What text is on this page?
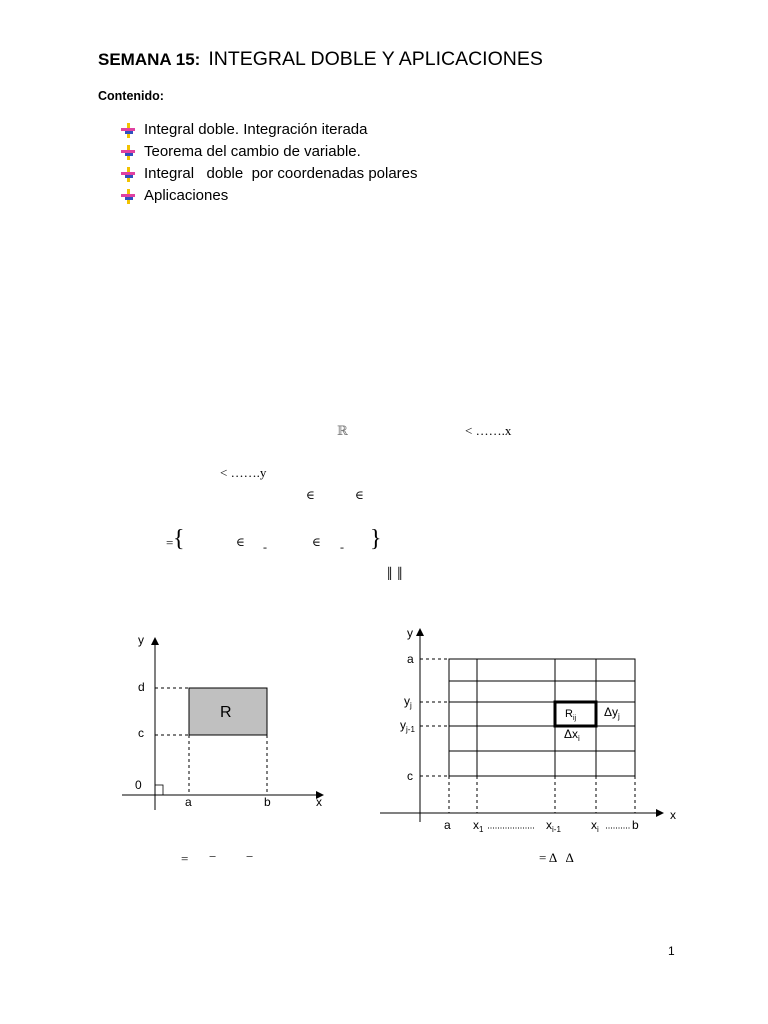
SEMANA 15: INTEGRAL DOBLE Y APLICACIONES
Contenido:
Integral doble. Integración iterada
Teorema del cambio de variable.
Integral   doble  por coordenadas polares
Aplicaciones
ℝ	< …….x
< …….y
∈	∈
= {	∈ -	∈ - }
‖ ‖
y
x
d
c
0
a	b
R
y
x
a
$y_j$
$y_{j-1}$
c
a $x_1$	$x_{i-1}$	$x_i$	b
$R_{ij}$ $\Delta y_j$
$\Delta x_i$
= − −	= Δ   Δ
1
